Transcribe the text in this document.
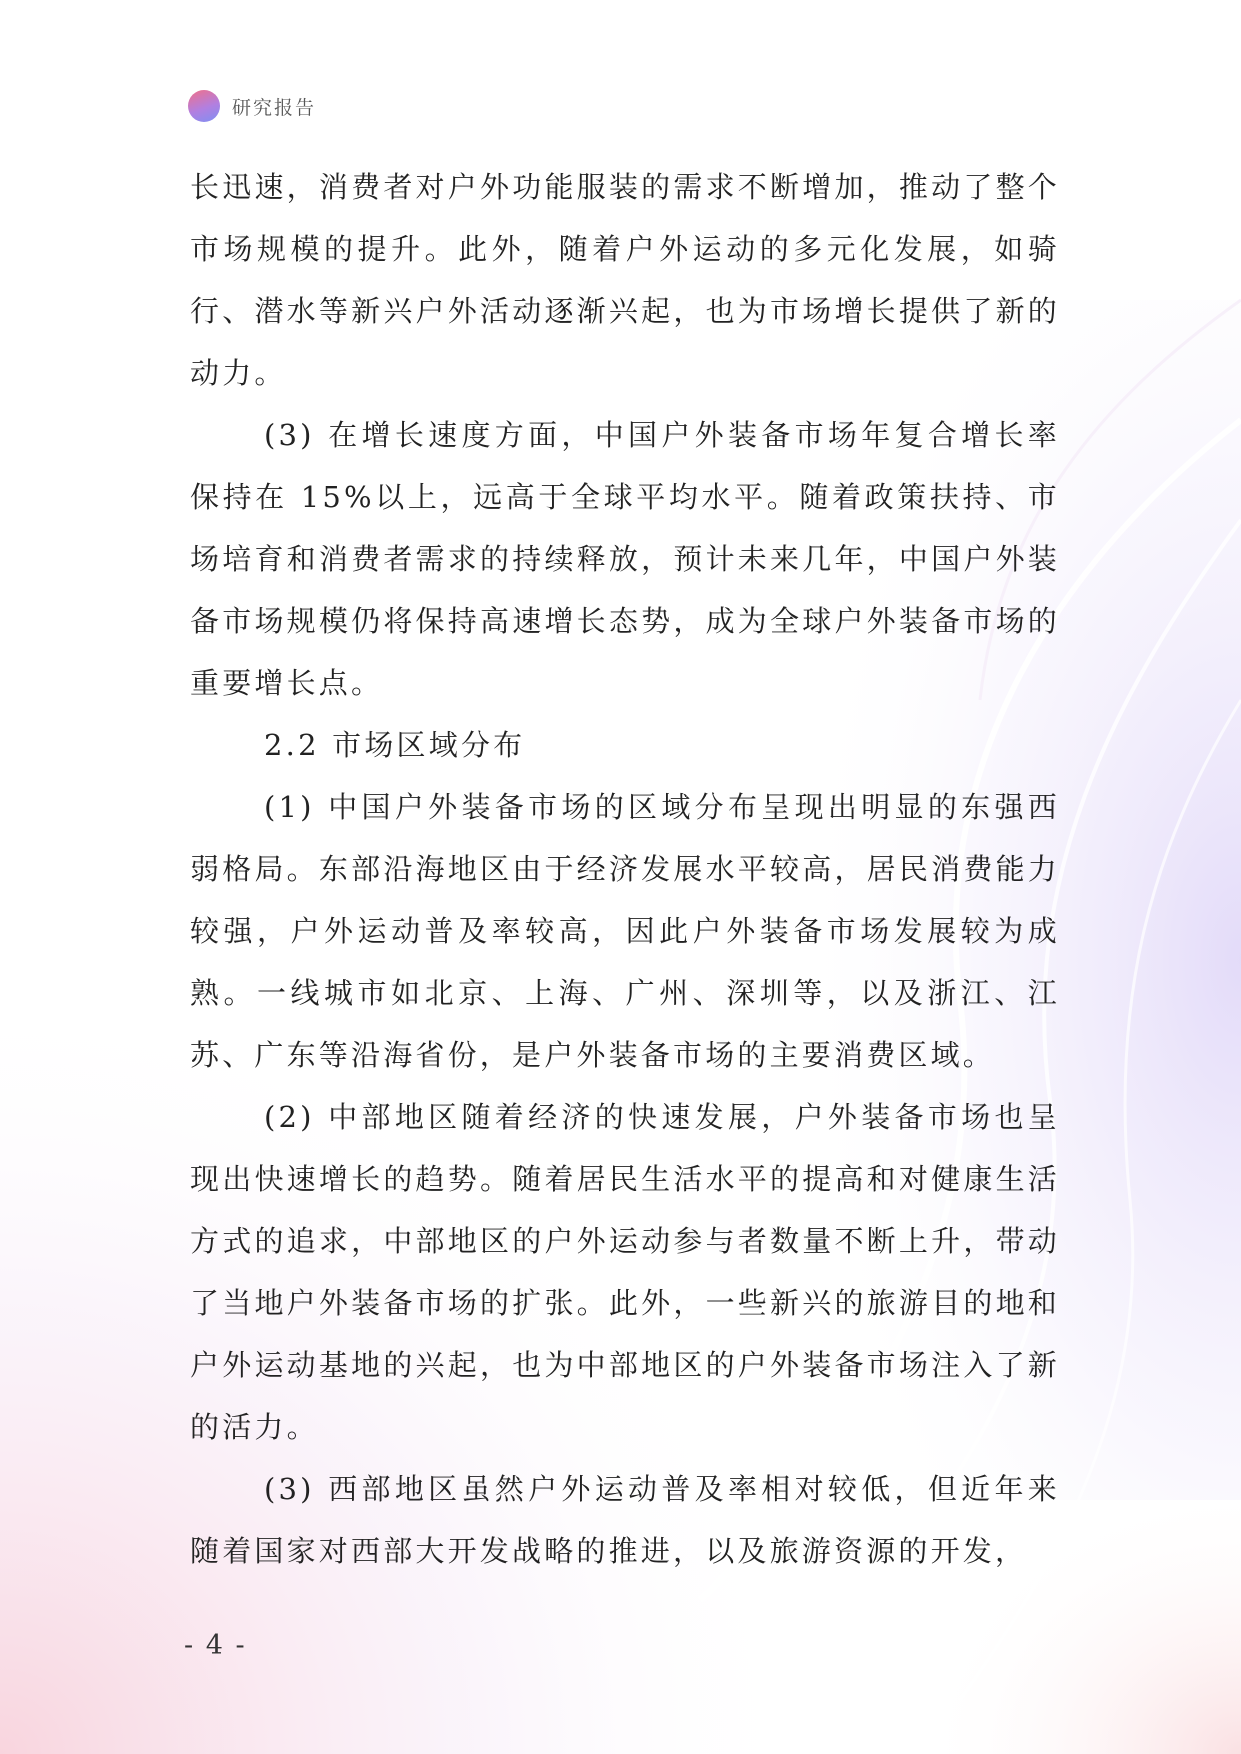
研究报告

长迅速，消费者对户外功能服装的需求不断增加，推动了整个市场规模的提升。此外，随着户外运动的多元化发展，如骑行、潜水等新兴户外活动逐渐兴起，也为市场增长提供了新的动力。

(3) 在增长速度方面，中国户外装备市场年复合增长率保持在 15%以上，远高于全球平均水平。随着政策扶持、市场培育和消费者需求的持续释放，预计未来几年，中国户外装备市场规模仍将保持高速增长态势，成为全球户外装备市场的重要增长点。

2.2 市场区域分布

(1) 中国户外装备市场的区域分布呈现出明显的东强西弱格局。东部沿海地区由于经济发展水平较高，居民消费能力较强，户外运动普及率较高，因此户外装备市场发展较为成熟。一线城市如北京、上海、广州、深圳等，以及浙江、江苏、广东等沿海省份，是户外装备市场的主要消费区域。

(2) 中部地区随着经济的快速发展，户外装备市场也呈现出快速增长的趋势。随着居民生活水平的提高和对健康生活方式的追求，中部地区的户外运动参与者数量不断上升，带动了当地户外装备市场的扩张。此外，一些新兴的旅游目的地和户外运动基地的兴起，也为中部地区的户外装备市场注入了新的活力。

(3) 西部地区虽然户外运动普及率相对较低，但近年来随着国家对西部大开发战略的推进，以及旅游资源的开发，

- 4 -
